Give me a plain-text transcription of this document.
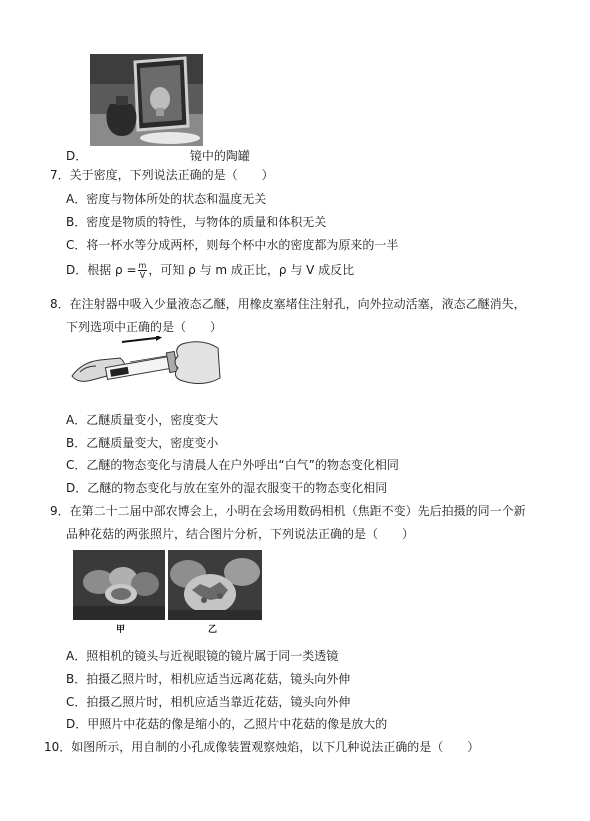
D．	镜中的陶罐
7．关于密度，下列说法正确的是（　　）
A．密度与物体所处的状态和温度无关
B．密度是物质的特性，与物体的质量和体积无关
C．将一杯水等分成两杯，则每个杯中水的密度都为原来的一半
D．根据 $\rho = \frac{m}{V}$ ，可知 ρ 与 m 成正比，ρ 与 V 成反比
8．在注射器中吸入少量液态乙醚，用橡皮塞堵住注射孔，向外拉动活塞，液态乙醚消失，
下列选项中正确的是（　　）
A．乙醚质量变小，密度变大
B．乙醚质量变大，密度变小
C．乙醚的物态变化与清晨人在户外呼出“白气”的物态变化相同
D．乙醚的物态变化与放在室外的湿衣服变干的物态变化相同
9．在第二十二届中部农博会上，小明在会场用数码相机（焦距不变）先后拍摄的同一个新
品种花菇的两张照片，结合图片分析，下列说法正确的是（　　）
甲	乙
A．照相机的镜头与近视眼镜的镜片属于同一类透镜
B．拍摄乙照片时，相机应适当远离花菇，镜头向外伸
C．拍摄乙照片时，相机应适当靠近花菇，镜头向外伸
D．甲照片中花菇的像是缩小的，乙照片中花菇的像是放大的
10．如图所示，用自制的小孔成像装置观察烛焰，以下几种说法正确的是（　　）
